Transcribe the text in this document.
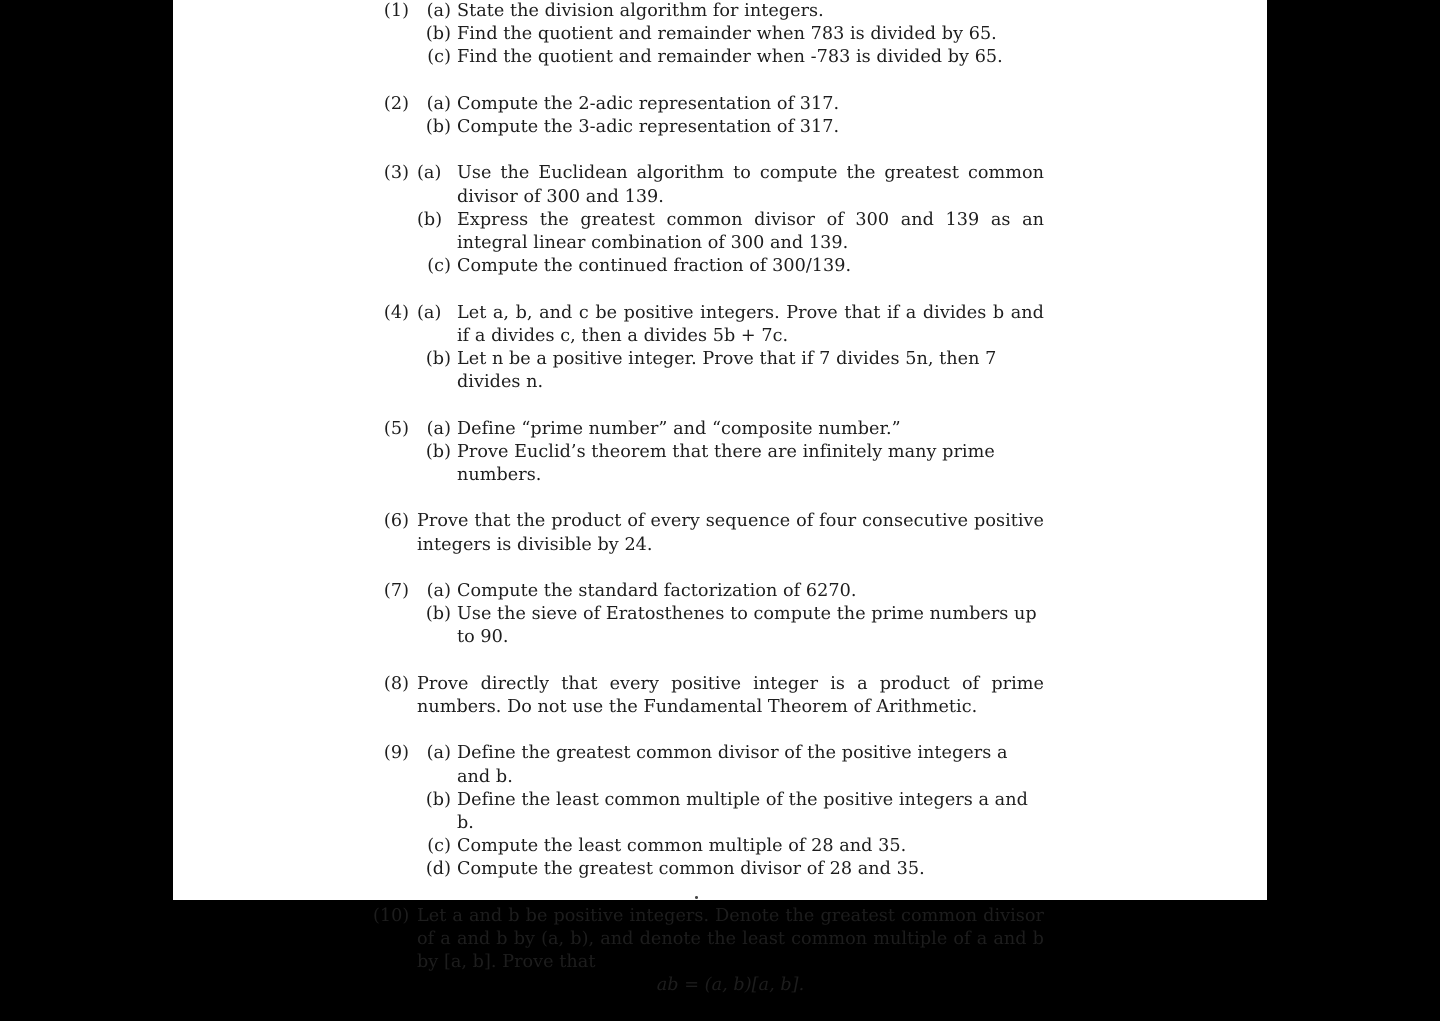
(1)	(a) State the division algorithm for integers.
(b) Find the quotient and remainder when 783 is divided by 65.
(c) Find the quotient and remainder when -783 is divided by 65.
(2)	(a) Compute the 2-adic representation of 317.
(b) Compute the 3-adic representation of 317.
(3) (a) Use the Euclidean algorithm to compute the greatest common divisor of 300 and 139.
(b) Express the greatest common divisor of 300 and 139 as an integral linear combination of 300 and 139.
(c) Compute the continued fraction of 300/139.
(4) (a) Let a, b, and c be positive integers. Prove that if a divides b and if a divides c, then a divides 5b + 7c.
(b) Let n be a positive integer. Prove that if 7 divides 5n, then 7 divides n.
(5)	(a) Define “prime number” and “composite number.”
(b) Prove Euclid’s theorem that there are infinitely many prime numbers.
(6) Prove that the product of every sequence of four consecutive positive integers is divisible by 24.
(7)	(a) Compute the standard factorization of 6270.
(b) Use the sieve of Eratosthenes to compute the prime numbers up to 90.
(8) Prove directly that every positive integer is a product of prime numbers. Do not use the Fundamental Theorem of Arithmetic.
(9)	(a) Define the greatest common divisor of the positive integers a and b.
(b) Define the least common multiple of the positive integers a and b.
(c) Compute the least common multiple of 28 and 35.
(d) Compute the greatest common divisor of 28 and 35.
(10) Let a and b be positive integers. Denote the greatest common divisor of a and b by (a, b), and denote the least common multiple of a and b by [a, b]. Prove that
ab = (a, b)[a, b].
